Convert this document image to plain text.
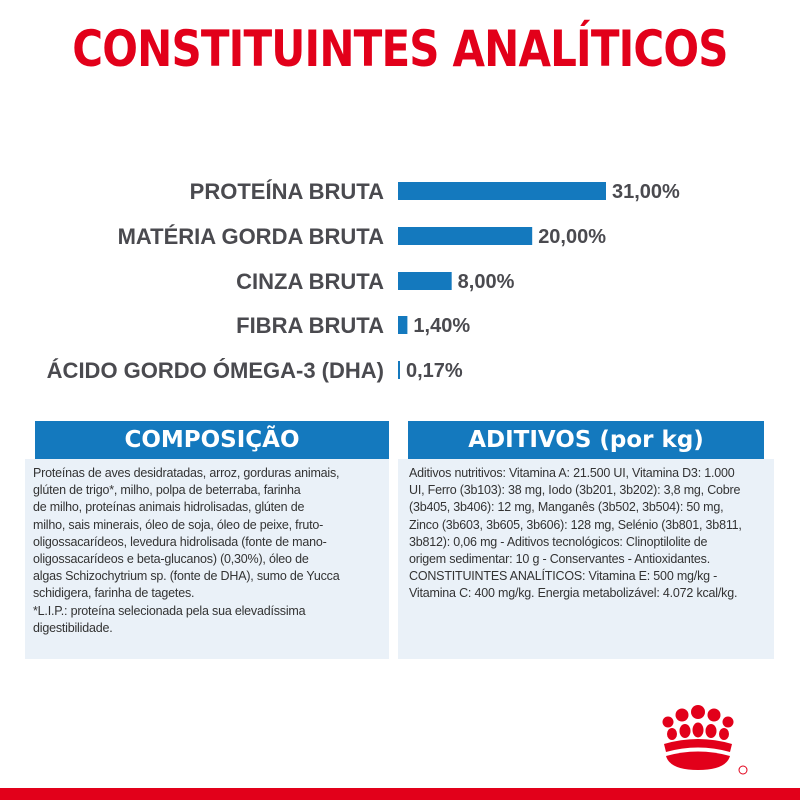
CONSTITUINTES ANALÍTICOS
PROTEÍNA BRUTA	31,00%
MATÉRIA GORDA BRUTA	20,00%
CINZA BRUTA	8,00%
FIBRA BRUTA 1,40%
ÁCIDO GORDO ÓMEGA-3 (DHA) 0,17%
COMPOSIÇÃO	ADITIVOS (por kg)
Proteínas de aves desidratadas, arroz, gorduras animais,
glúten de trigo*, milho, polpa de beterraba, farinha
de milho, proteínas animais hidrolisadas, glúten de
milho, sais minerais, óleo de soja, óleo de peixe, fruto-
oligossacarídeos, levedura hidrolisada (fonte de mano-
oligossacarídeos e beta-glucanos) (0,30%), óleo de
algas Schizochytrium sp. (fonte de DHA), sumo de Yucca
schidigera, farinha de tagetes.
*L.I.P.: proteína selecionada pela sua elevadíssima
digestibilidade.
Aditivos nutritivos: Vitamina A: 21.500 UI, Vitamina D3: 1.000
UI, Ferro (3b103): 38 mg, Iodo (3b201, 3b202): 3,8 mg, Cobre
(3b405, 3b406): 12 mg, Manganês (3b502, 3b504): 50 mg,
Zinco (3b603, 3b605, 3b606): 128 mg, Selénio (3b801, 3b811,
3b812): 0,06 mg - Aditivos tecnológicos: Clinoptilolite de
origem sedimentar: 10 g - Conservantes - Antioxidantes.
CONSTITUINTES ANALÍTICOS: Vitamina E: 500 mg/kg -
Vitamina C: 400 mg/kg. Energia metabolizável: 4.072 kcal/kg.
